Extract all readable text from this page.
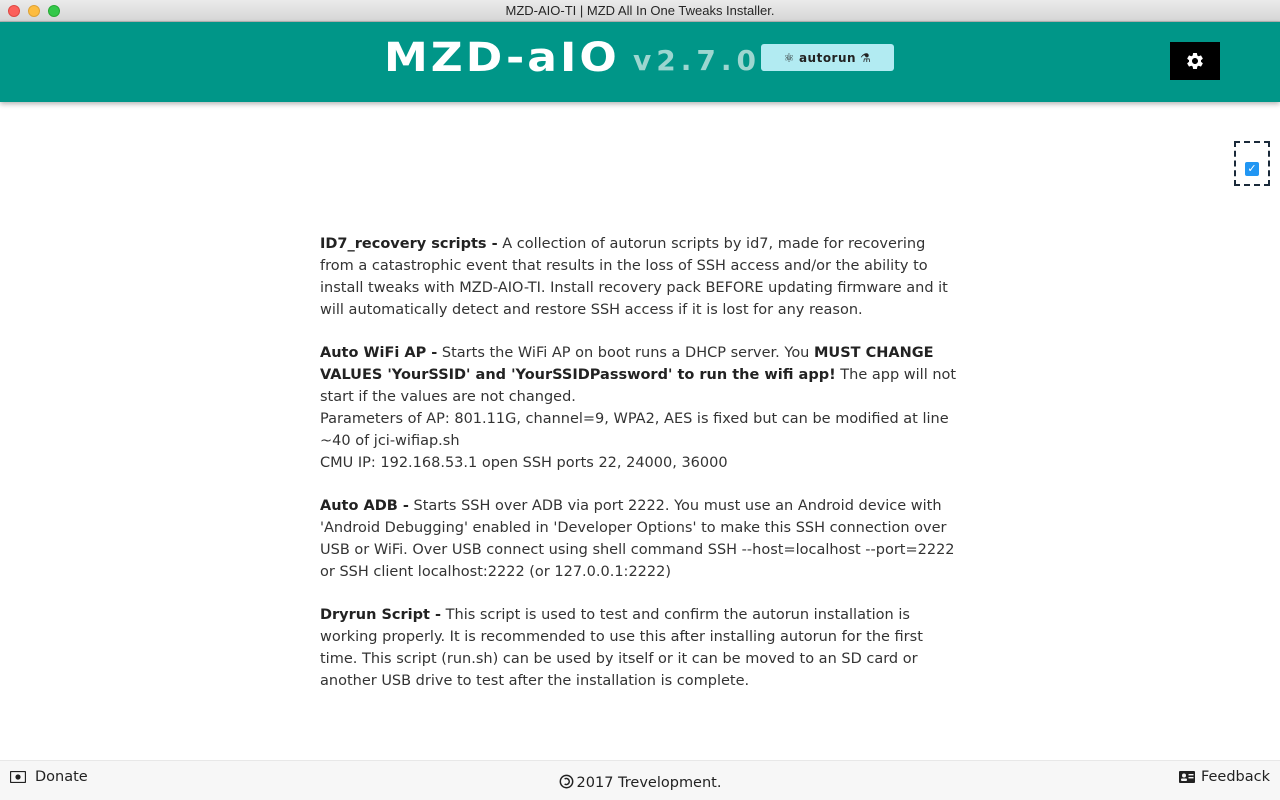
MZD-AIO-TI | MZD All In One Tweaks Installer.
MZD-aIO v2.7.0 ⚛ autorun ⚗
✓

ID7_recovery scripts - A collection of autorun scripts by id7, made for recovering from a catastrophic event that results in the loss of SSH access and/or the ability to install tweaks with MZD-AIO-TI. Install recovery pack BEFORE updating firmware and it will automatically detect and restore SSH access if it is lost for any reason.

Auto WiFi AP - Starts the WiFi AP on boot runs a DHCP server. You MUST CHANGE VALUES 'YourSSID' and 'YourSSIDPassword' to run the wifi app! The app will not start if the values are not changed.
Parameters of AP: 801.11G, channel=9, WPA2, AES is fixed but can be modified at line ~40 of jci-wifiap.sh
CMU IP: 192.168.53.1 open SSH ports 22, 24000, 36000

Auto ADB - Starts SSH over ADB via port 2222. You must use an Android device with 'Android Debugging' enabled in 'Developer Options' to make this SSH connection over USB or WiFi. Over USB connect using shell command SSH --host=localhost --port=2222 or SSH client localhost:2222 (or 127.0.0.1:2222)

Dryrun Script - This script is used to test and confirm the autorun installation is working properly. It is recommended to use this after installing autorun for the first time. This script (run.sh) can be used by itself or it can be moved to an SD card or another USB drive to test after the installation is complete.

Donate	2017 Trevelopment.	Feedback
